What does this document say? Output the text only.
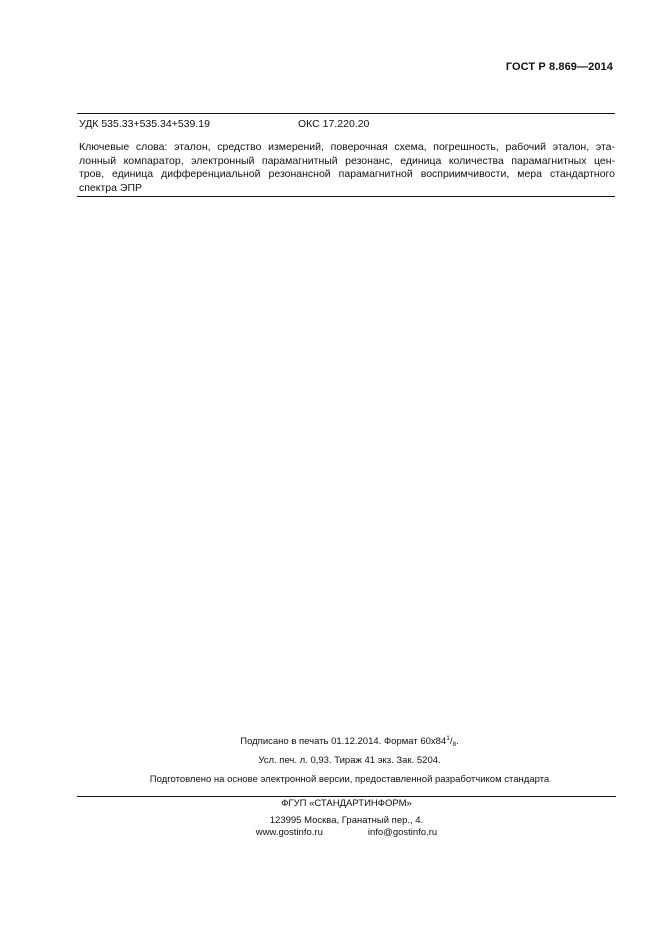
ГОСТ Р 8.869—2014
УДК 535.33+535.34+539.19	ОКС 17.220.20
Ключевые слова: эталон, средство измерений, поверочная схема, погрешность, рабочий эталон, эта-
лонный компаратор, электронный парамагнитный резонанс, единица количества парамагнитных цен-
тров, единица дифференциальной резонансной парамагнитной восприимчивости, мера стандартного
спектра ЭПР
Подписано в печать 01.12.2014. Формат $60х84^1/_8$.
Усл. печ. л. 0,93. Тираж 41 экз. Зак. 5204.
Подготовлено на основе электронной версии, предоставленной разработчиком стандарта
ФГУП «СТАНДАРТИНФОРМ»
123995 Москва, Гранатный пер., 4.
www.gostinfo.ru	info@gostinfo.ru
